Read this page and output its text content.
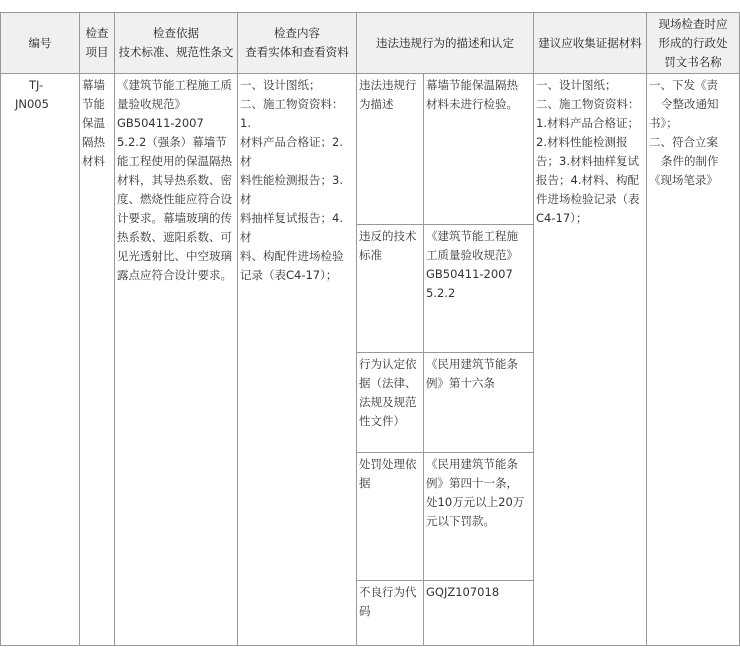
编号
检查
项目
检查依据
技术标准、规范性条文
检查内容
查看实体和查看资料
违法违规行为的描述和认定 建议应收集证据材料
现场检查时应
形成的行政处
罚文书名称
TJ-
JN005
幕墙
节能
保温
隔热
材料
《建筑节能工程施工质
量验收规范》
GB50411-2007
5.2.2（强条）幕墙节
能工程使用的保温隔热
材料，其导热系数、密
度、燃烧性能应符合设
计要求。幕墙玻璃的传
热系数、遮阳系数、可
见光透射比、中空玻璃
露点应符合设计要求。
一、设计图纸；
二、施工物资资料：1.
材料产品合格证；2.材
料性能检测报告；3.材
料抽样复试报告；4.材
料、构配件进场检验
记录（表C4-17）；
违法违规行
为描述
幕墙节能保温隔热
材料未进行检验。
违反的技术
标准
《建筑节能工程施
工质量验收规范》
GB50411-2007
5.2.2
行为认定依
据（法律、
法规及规范
性文件）
《民用建筑节能条
例》第十六条
处罚处理依
据
《民用建筑节能条
例》第四十一条，
处10万元以上20万
元以下罚款。
不良行为代
码
GQJZ107018
一、设计图纸；
二、施工物资资料：
1.材料产品合格证；
2.材料性能检测报
告；3.材料抽样复试
报告；4.材料、构配
件进场检验记录（表
C4-17）；
一、下发《责
令整改通知
书》；
二、符合立案
条件的制作
《现场笔录》
